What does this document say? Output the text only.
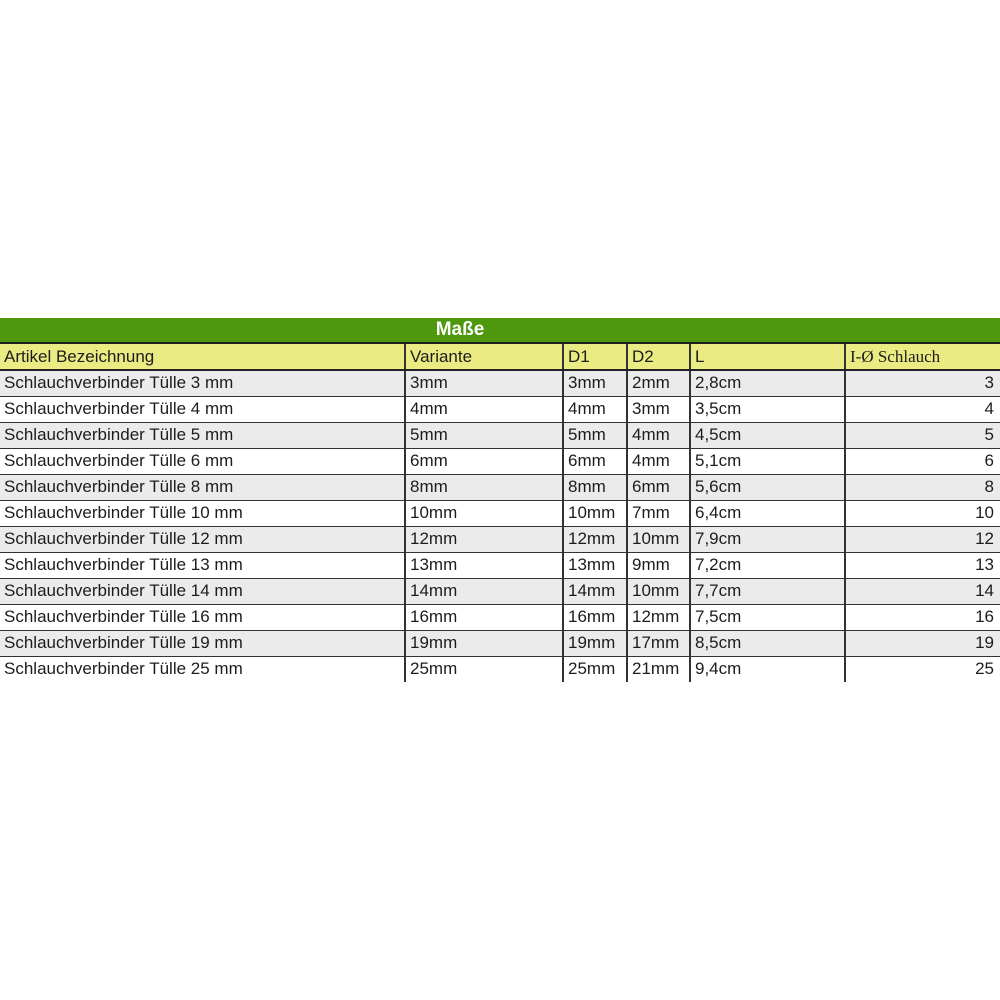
Maße
Artikel Bezeichnung	Variante	D1	D2	L	I-Ø Schlauch
Schlauchverbinder Tülle 3 mm	3mm	3mm	2mm	2,8cm	3
Schlauchverbinder Tülle 4 mm	4mm	4mm	3mm	3,5cm	4
Schlauchverbinder Tülle 5 mm	5mm	5mm	4mm	4,5cm	5
Schlauchverbinder Tülle 6 mm	6mm	6mm	4mm	5,1cm	6
Schlauchverbinder Tülle 8 mm	8mm	8mm	6mm	5,6cm	8
Schlauchverbinder Tülle 10 mm	10mm	10mm	7mm	6,4cm	10
Schlauchverbinder Tülle 12 mm	12mm	12mm	10mm	7,9cm	12
Schlauchverbinder Tülle 13 mm	13mm	13mm	9mm	7,2cm	13
Schlauchverbinder Tülle 14 mm	14mm	14mm	10mm	7,7cm	14
Schlauchverbinder Tülle 16 mm	16mm	16mm	12mm	7,5cm	16
Schlauchverbinder Tülle 19 mm	19mm	19mm	17mm	8,5cm	19
Schlauchverbinder Tülle 25 mm	25mm	25mm	21mm	9,4cm	25
